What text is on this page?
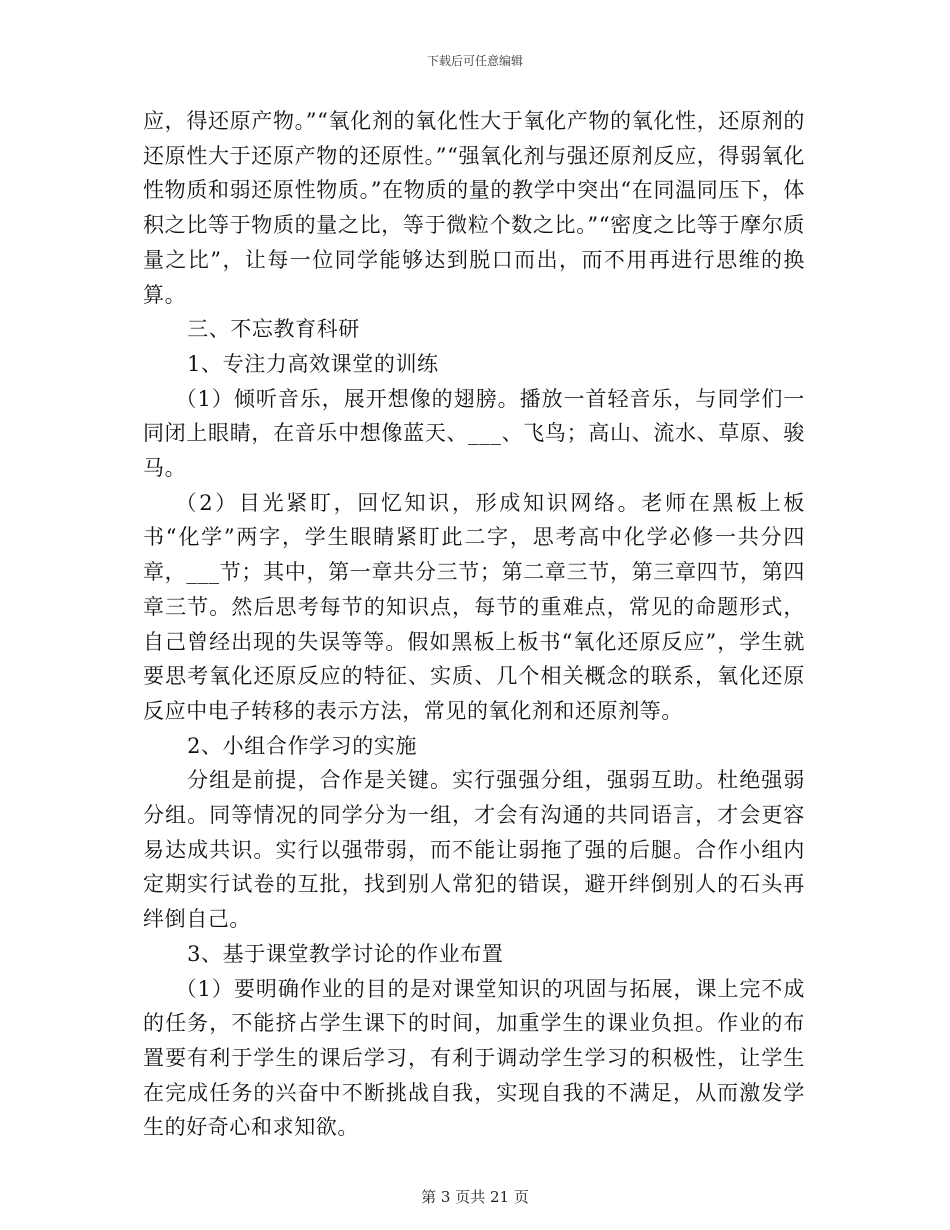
下载后可任意编辑

应，得还原产物。”“氧化剂的氧化性大于氧化产物的氧化性，还原剂的还原性大于还原产物的还原性。”“强氧化剂与强还原剂反应，得弱氧化性物质和弱还原性物质。”在物质的量的教学中突出“在同温同压下，体积之比等于物质的量之比，等于微粒个数之比。”“密度之比等于摩尔质量之比”，让每一位同学能够达到脱口而出，而不用再进行思维的换算。

三、不忘教育科研

1、专注力高效课堂的训练

（1）倾听音乐，展开想像的翅膀。播放一首轻音乐，与同学们一同闭上眼睛，在音乐中想像蓝天、___、飞鸟；高山、流水、草原、骏马。

（2）目光紧盯，回忆知识，形成知识网络。老师在黑板上板书“化学”两字，学生眼睛紧盯此二字，思考高中化学必修一共分四章，___节；其中，第一章共分三节；第二章三节，第三章四节，第四章三节。然后思考每节的知识点，每节的重难点，常见的命题形式，自己曾经出现的失误等等。假如黑板上板书“氧化还原反应”，学生就要思考氧化还原反应的特征、实质、几个相关概念的联系，氧化还原反应中电子转移的表示方法，常见的氧化剂和还原剂等。

2、小组合作学习的实施

分组是前提，合作是关键。实行强强分组，强弱互助。杜绝强弱分组。同等情况的同学分为一组，才会有沟通的共同语言，才会更容易达成共识。实行以强带弱，而不能让弱拖了强的后腿。合作小组内定期实行试卷的互批，找到别人常犯的错误，避开绊倒别人的石头再绊倒自己。

3、基于课堂教学讨论的作业布置

（1）要明确作业的目的是对课堂知识的巩固与拓展，课上完不成的任务，不能挤占学生课下的时间，加重学生的课业负担。作业的布置要有利于学生的课后学习，有利于调动学生学习的积极性，让学生在完成任务的兴奋中不断挑战自我，实现自我的不满足，从而激发学生的好奇心和求知欲。

第 3 页共 21 页
